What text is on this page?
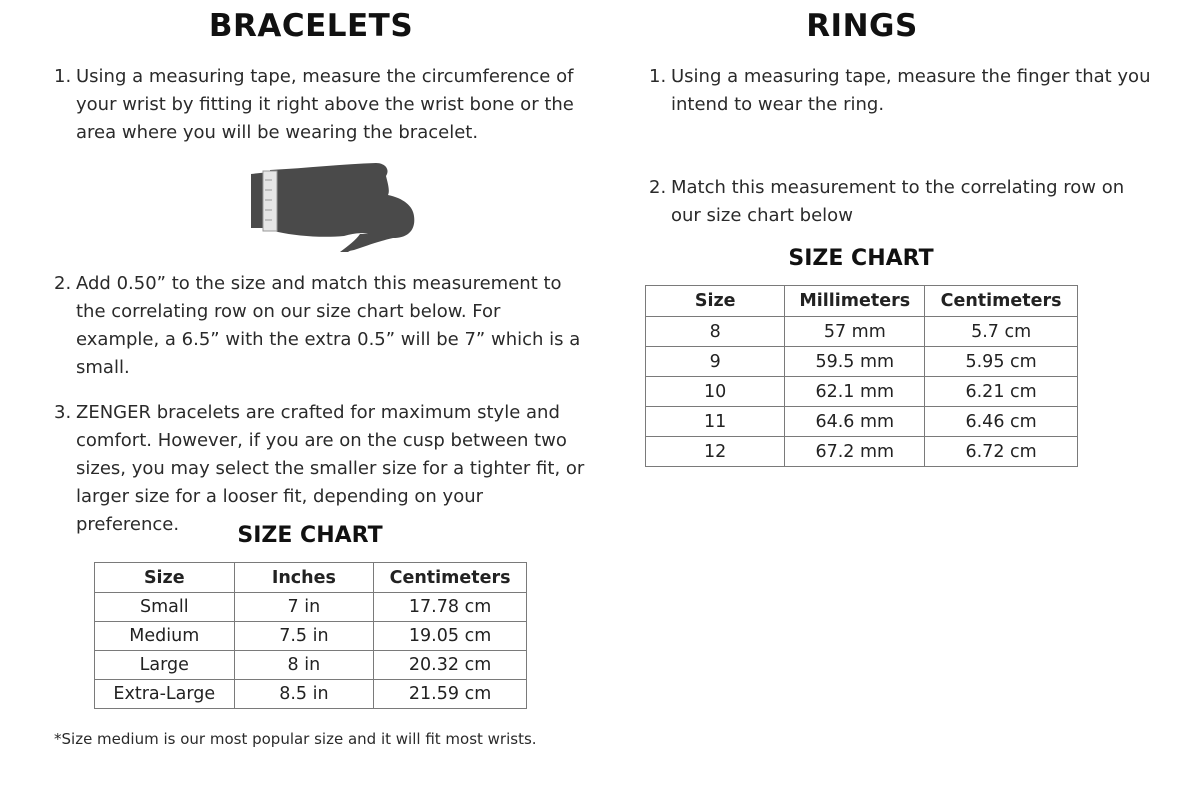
BRACELETS
1. Using a measuring tape, measure the circumference of your wrist by fitting it right above the wrist bone or the area where you will be wearing the bracelet.
2. Add 0.50” to the size and match this measurement to the correlating row on our size chart below. For example, a 6.5” with the extra 0.5” will be 7” which is a small.
3. ZENGER bracelets are crafted for maximum style and comfort. However, if you are on the cusp between two sizes, you may select the smaller size for a tighter fit, or larger size for a looser fit, depending on your preference.	SIZE CHART
Size	Inches	Centimeters
Small	7 in	17.78 cm
Medium	7.5 in	19.05 cm
Large	8 in	20.32 cm
Extra-Large	8.5 in	21.59 cm
*Size medium is our most popular size and it will fit most wrists.
RINGS
1. Using a measuring tape, measure the finger that you intend to wear the ring.
2. Match this measurement to the correlating row on our size chart below
SIZE CHART
Size	Millimeters	Centimeters
8	57 mm	5.7 cm
9	59.5 mm	5.95 cm
10	62.1 mm	6.21 cm
11	64.6 mm	6.46 cm
12	67.2 mm	6.72 cm
